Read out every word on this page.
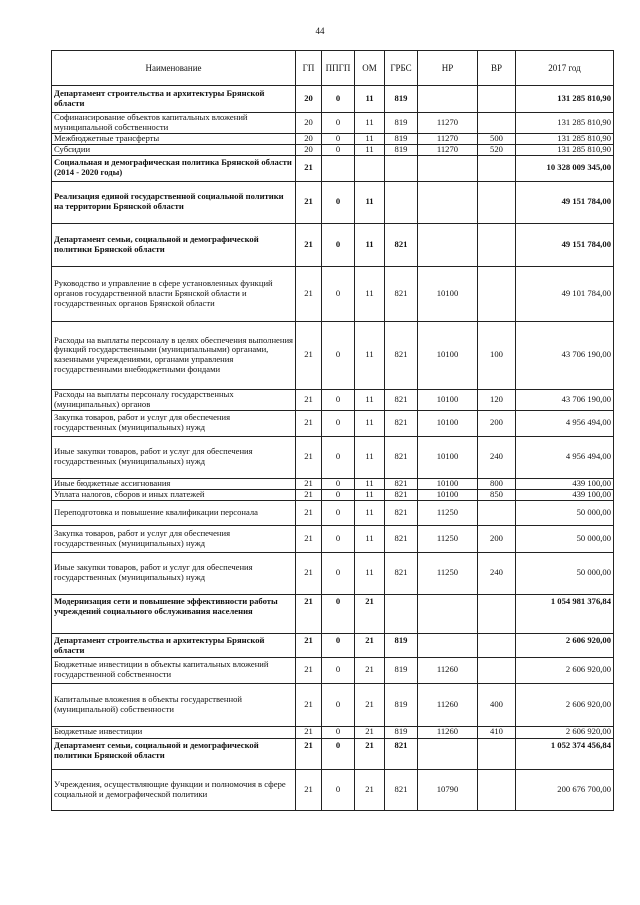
44
Наименование	ГП	ППГП	ОМ	ГРБС	НР	ВР	2017 год
Департамент строительства и архитектуры Брянской области	20	0	11	819			131 285 810,90
Софинансирование объектов капитальных вложений муниципальной собственности	20	0	11	819	11270		131 285 810,90
Межбюджетные трансферты	20	0	11	819	11270	500	131 285 810,90
Субсидии	20	0	11	819	11270	520	131 285 810,90
Социальная и демографическая политика Брянской области (2014 - 2020 годы)	21						10 328 009 345,00
Реализация единой государственной социальной политики на территории Брянской области	21	0	11				49 151 784,00
Департамент семьи, социальной и демографической политики Брянской области	21	0	11	821			49 151 784,00
Руководство и управление в сфере установленных функций органов государственной власти Брянской области и государственных органов Брянской области	21	0	11	821	10100		49 101 784,00
Расходы на выплаты персоналу в целях обеспечения выполнения функций государственными (муниципальными) органами, казенными учреждениями, органами управления государственными внебюджетными фондами	21	0	11	821	10100	100	43 706 190,00
Расходы на выплаты персоналу государственных (муниципальных) органов	21	0	11	821	10100	120	43 706 190,00
Закупка товаров, работ и услуг для обеспечения государственных (муниципальных) нужд	21	0	11	821	10100	200	4 956 494,00
Иные закупки товаров, работ и услуг для обеспечения государственных (муниципальных) нужд	21	0	11	821	10100	240	4 956 494,00
Иные бюджетные ассигнования	21	0	11	821	10100	800	439 100,00
Уплата налогов, сборов и иных платежей	21	0	11	821	10100	850	439 100,00
Переподготовка и повышение квалификации персонала	21	0	11	821	11250		50 000,00
Закупка товаров, работ и услуг для обеспечения государственных (муниципальных) нужд	21	0	11	821	11250	200	50 000,00
Иные закупки товаров, работ и услуг для обеспечения государственных (муниципальных) нужд	21	0	11	821	11250	240	50 000,00
Модернизация сети и повышение эффективности работы учреждений социального обслуживания населения	21	0	21				1 054 981 376,84
Департамент строительства и архитектуры Брянской области	21	0	21	819			2 606 920,00
Бюджетные инвестиции в объекты капитальных вложений государственной собственности	21	0	21	819	11260		2 606 920,00
Капитальные вложения в объекты государственной (муниципальной) собственности	21	0	21	819	11260	400	2 606 920,00
Бюджетные инвестиции	21	0	21	819	11260	410	2 606 920,00
Департамент семьи, социальной и демографической политики Брянской области	21	0	21	821			1 052 374 456,84
Учреждения, осуществляющие функции и полномочия в сфере социальной и демографической политики	21	0	21	821	10790		200 676 700,00
